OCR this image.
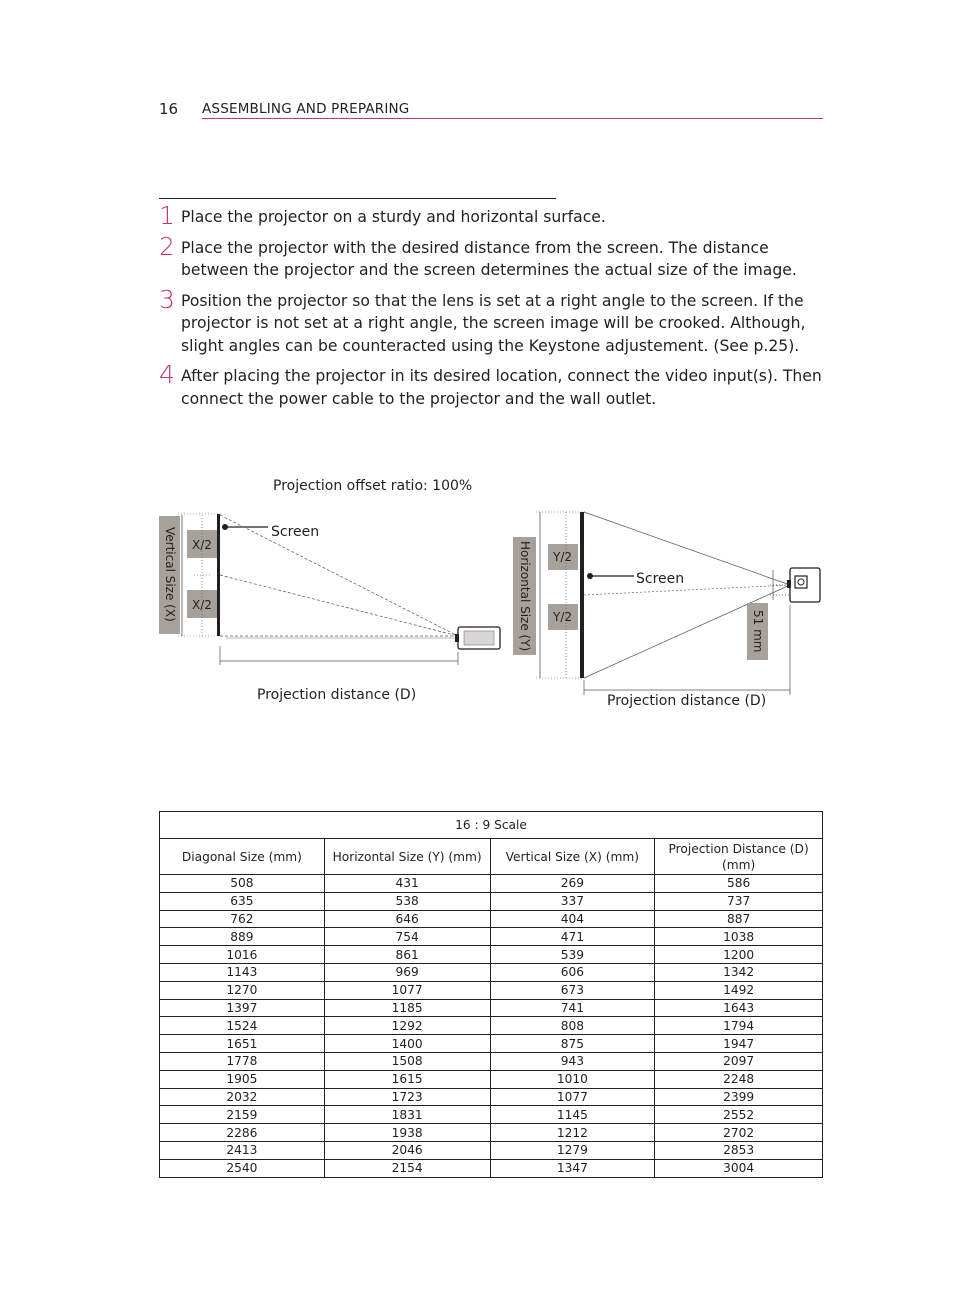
16 ASSEMBLING AND PREPARING
1 Place the projector on a sturdy and horizontal surface.
2 Place the projector with the desired distance from the screen. The distance between the projector and the screen determines the actual size of the image.
3 Position the projector so that the lens is set at a right angle to the screen. If the projector is not set at a right angle, the screen image will be crooked. Although, slight angles can be counteracted using the Keystone adjustement. (See p.25).
4 After placing the projector in its desired location, connect the video input(s). Then connect the power cable to the projector and the wall outlet.
Projection offset ratio: 100%
Vertical Size (X) X/2
X/2
Screen
Projection distance (D)
Horizontal Size (Y) Y/2
Y/2
Screen
51 mm
Projection distance (D)
16 : 9 Scale			
Diagonal Size (mm)	Horizontal Size (Y) (mm)	Vertical Size (X) (mm)	Projection Distance (D) (mm)
508	431	269	586
635	538	337	737
762	646	404	887
889	754	471	1038
1016	861	539	1200
1143	969	606	1342
1270	1077	673	1492
1397	1185	741	1643
1524	1292	808	1794
1651	1400	875	1947
1778	1508	943	2097
1905	1615	1010	2248
2032	1723	1077	2399
2159	1831	1145	2552
2286	1938	1212	2702
2413	2046	1279	2853
2540	2154	1347	3004
